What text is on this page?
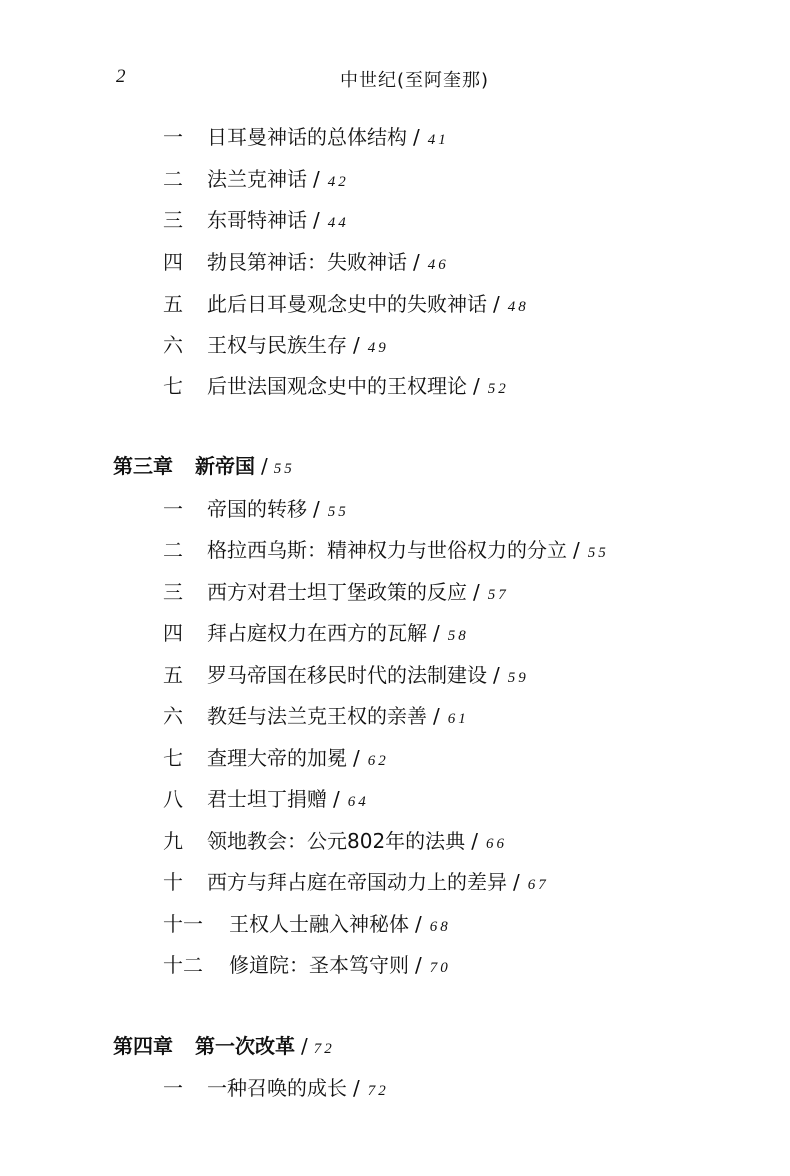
2	中世纪(至阿奎那)
一 日耳曼神话的总体结构 / 41
二 法兰克神话 / 42
三 东哥特神话 / 44
四 勃艮第神话：失败神话 / 46
五 此后日耳曼观念史中的失败神话 / 48
六 王权与民族生存 / 49
七 后世法国观念史中的王权理论 / 52
第三章 新帝国 / 55
一 帝国的转移 / 55
二 格拉西乌斯：精神权力与世俗权力的分立 / 55
三 西方对君士坦丁堡政策的反应 / 57
四 拜占庭权力在西方的瓦解 / 58
五 罗马帝国在移民时代的法制建设 / 59
六 教廷与法兰克王权的亲善 / 61
七 查理大帝的加冕 / 62
八 君士坦丁捐赠 / 64
九 领地教会：公元802年的法典 / 66
十 西方与拜占庭在帝国动力上的差异 / 67
十一 王权人士融入神秘体 / 68
十二 修道院：圣本笃守则 / 70
第四章 第一次改革 / 72
一 一种召唤的成长 / 72
